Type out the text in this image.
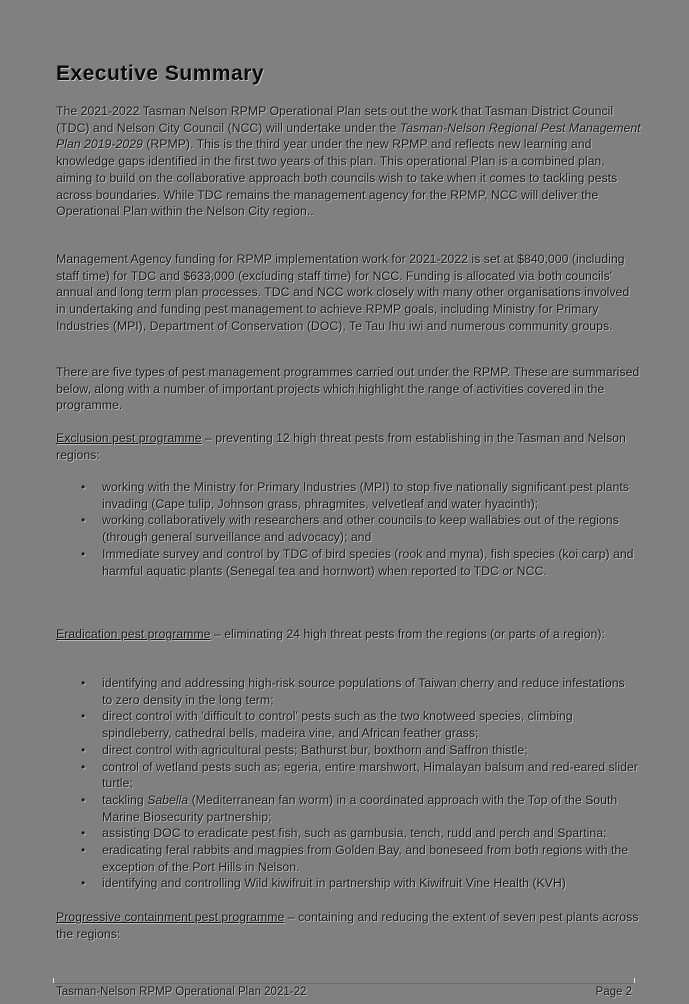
Executive Summary

The 2021-2022 Tasman Nelson RPMP Operational Plan sets out the work that Tasman District Council (TDC) and Nelson City Council (NCC) will undertake under the Tasman-Nelson Regional Pest Management Plan 2019-2029 (RPMP). This is the third year under the new RPMP and reflects new learning and knowledge gaps identified in the first two years of this plan. This operational Plan is a combined plan, aiming to build on the collaborative approach both councils wish to take when it comes to tackling pests across boundaries. While TDC remains the management agency for the RPMP, NCC will deliver the Operational Plan within the Nelson City region..

Management Agency funding for RPMP implementation work for 2021-2022 is set at $840,000 (including staff time) for TDC and $633,000 (excluding staff time) for NCC. Funding is allocated via both councils' annual and long term plan processes. TDC and NCC work closely with many other organisations involved in undertaking and funding pest management to achieve RPMP goals, including Ministry for Primary Industries (MPI), Department of Conservation (DOC), Te Tau Ihu iwi and numerous community groups.

There are five types of pest management programmes carried out under the RPMP. These are summarised below, along with a number of important projects which highlight the range of activities covered in the programme.

Exclusion pest programme – preventing 12 high threat pests from establishing in the Tasman and Nelson regions:

• working with the Ministry for Primary Industries (MPI) to stop five nationally significant pest plants invading (Cape tulip, Johnson grass, phragmites, velvetleaf and water hyacinth);
• working collaboratively with researchers and other councils to keep wallabies out of the regions (through general surveillance and advocacy); and
• Immediate survey and control by TDC of bird species (rook and myna), fish species (koi carp) and harmful aquatic plants (Senegal tea and hornwort) when reported to TDC or NCC.

Eradication pest programme – eliminating 24 high threat pests from the regions (or parts of a region):

• identifying and addressing high-risk source populations of Taiwan cherry and reduce infestations to zero density in the long term;
• direct control with 'difficult to control' pests such as the two knotweed species, climbing spindleberry, cathedral bells, madeira vine, and African feather grass;
• direct control with agricultural pests; Bathurst bur, boxthorn and Saffron thistle;
• control of wetland pests such as; egeria, entire marshwort, Himalayan balsum and red-eared slider turtle;
• tackling Sabella (Mediterranean fan worm) in a coordinated approach with the Top of the South Marine Biosecurity partnership;
• assisting DOC to eradicate pest fish, such as gambusia, tench, rudd and perch and Spartina;
• eradicating feral rabbits and magpies from Golden Bay, and boneseed from both regions with the exception of the Port Hills in Nelson.
• identifying and controlling Wild kiwifruit in partnership with Kiwifruit Vine Health (KVH)

Progressive containment pest programme – containing and reducing the extent of seven pest plants across the regions:

Tasman-Nelson RPMP Operational Plan 2021-22	Page 2
